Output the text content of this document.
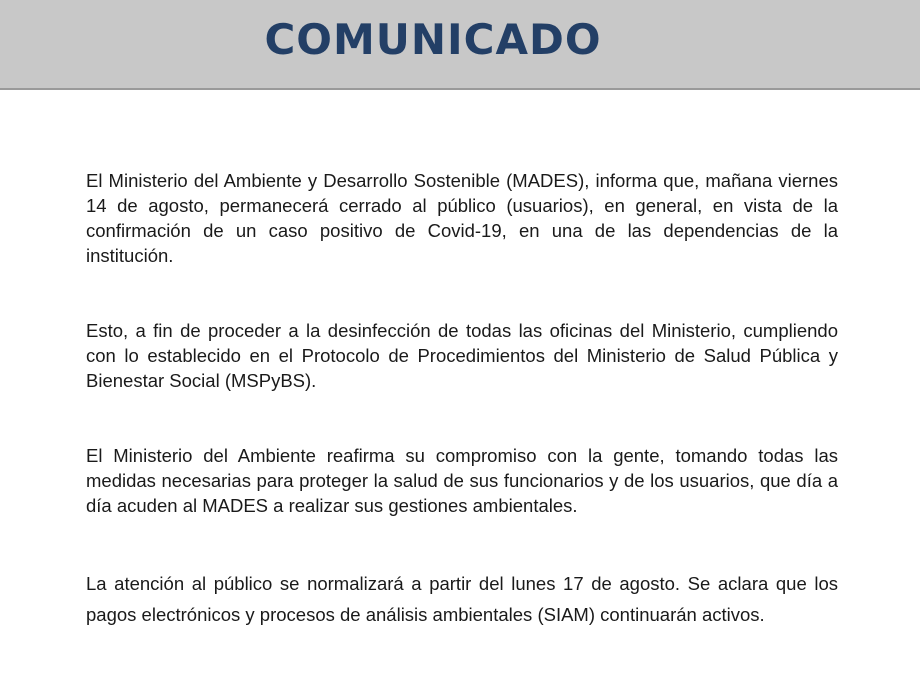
COMUNICADO

El Ministerio del Ambiente y Desarrollo Sostenible (MADES), informa que, mañana viernes 14 de agosto, permanecerá cerrado al público (usuarios), en general, en vista de la confirmación de un caso positivo de Covid-19, en una de las dependencias de la institución.

Esto, a fin de proceder a la desinfección de todas las oficinas del Ministerio, cumpliendo con lo establecido en el Protocolo de Procedimientos del Ministerio de Salud Pública y Bienestar Social (MSPyBS).

El Ministerio del Ambiente reafirma su compromiso con la gente, tomando todas las medidas necesarias para proteger la salud de sus funcionarios y de los usuarios, que día a día acuden al MADES a realizar sus gestiones ambientales.

La atención al público se normalizará a partir del lunes 17 de agosto. Se aclara que los pagos electrónicos y procesos de análisis ambientales (SIAM) continuarán activos.
